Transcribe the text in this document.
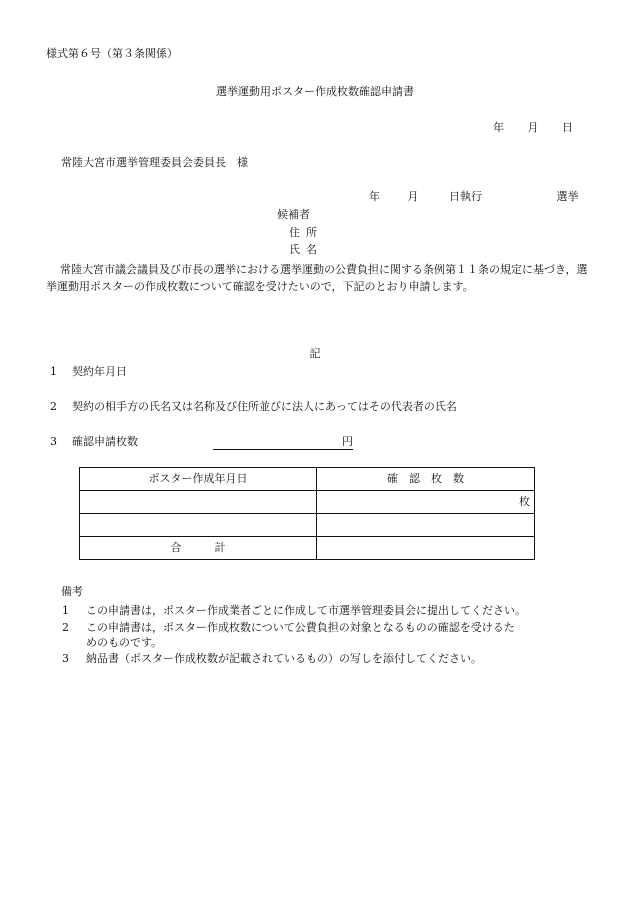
様式第６号（第３条関係）
選挙運動用ポスター作成枚数確認申請書
年 月 日
常陸大宮市選挙管理委員会委員長　様
年	月	日執行	選挙
候補者
住所
氏名
常陸大宮市議会議員及び市長の選挙における選挙運動の公費負担に関する条例第１１条の規定に基づき，選挙運動用ポスターの作成枚数について確認を受けたいので，下記のとおり申請します。
記
1 契約年月日
2 契約の相手方の氏名又は名称及び住所並びに法人にあってはその代表者の氏名
3 確認申請枚数	円
ポスター作成年月日	確　認　枚　数
	枚

合　　　計	
備考
1 この申請書は，ポスター作成業者ごとに作成して市選挙管理委員会に提出してください。
2 この申請書は，ポスター作成枚数について公費負担の対象となるものの確認を受けるた
めのものです。
3 納品書（ポスター作成枚数が記載されているもの）の写しを添付してください。
